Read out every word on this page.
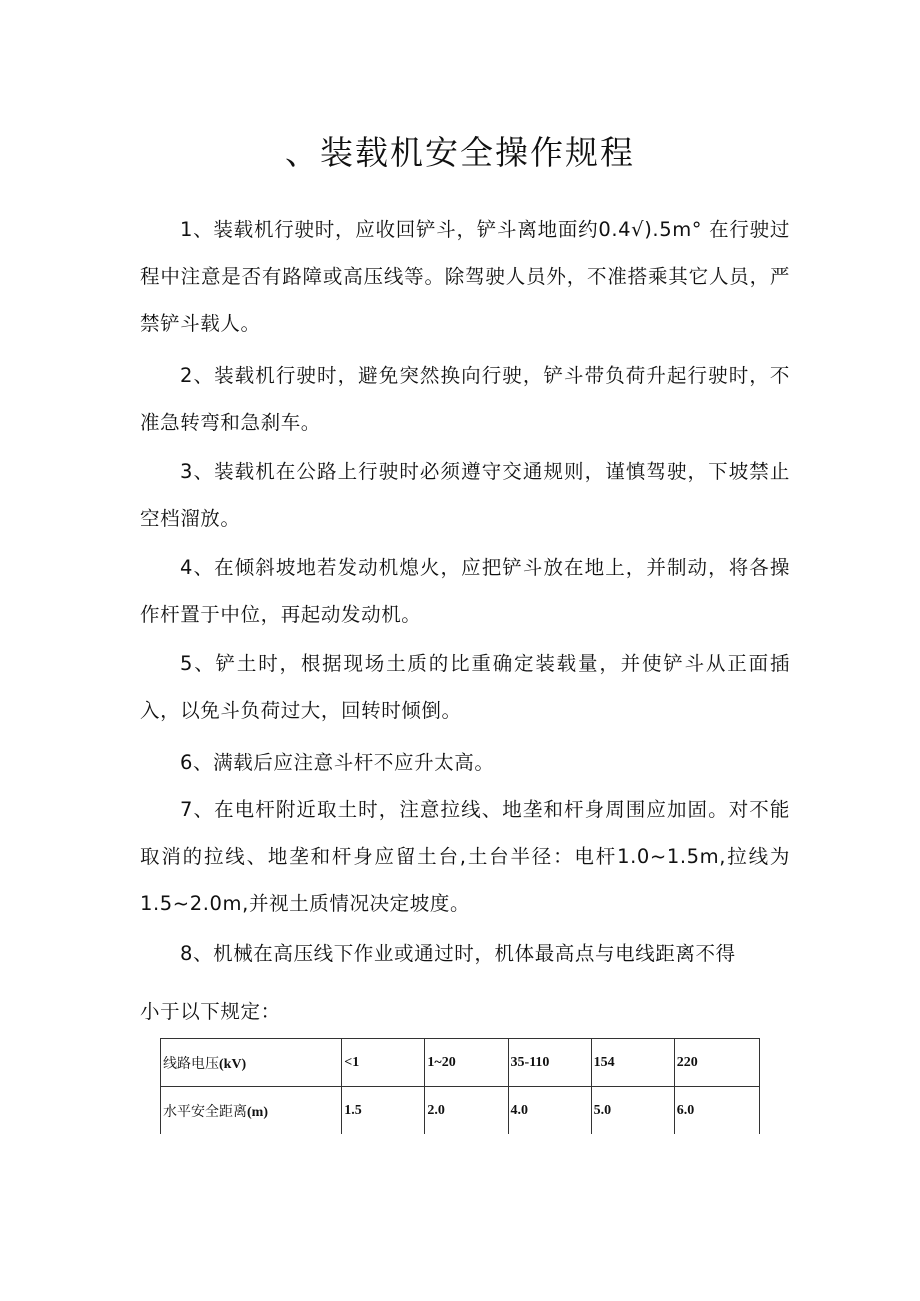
、装载机安全操作规程

1、装载机行驶时，应收回铲斗，铲斗离地面约0.4√).5m° 在行驶过程中注意是否有路障或高压线等。除驾驶人员外，不准搭乘其它人员，严禁铲斗载人。

2、装载机行驶时，避免突然换向行驶，铲斗带负荷升起行驶时，不准急转弯和急刹车。

3、装载机在公路上行驶时必须遵守交通规则，谨慎驾驶，下坡禁止空档溜放。

4、在倾斜坡地若发动机熄火，应把铲斗放在地上，并制动，将各操作杆置于中位，再起动发动机。

5、铲土时，根据现场土质的比重确定装载量，并使铲斗从正面插入，以免斗负荷过大，回转时倾倒。

6、满载后应注意斗杆不应升太高。

7、在电杆附近取土时，注意拉线、地垄和杆身周围应加固。对不能取消的拉线、地垄和杆身应留土台,土台半径：电杆1.0~1.5m,拉线为1.5~2.0m,并视土质情况决定坡度。

8、机械在高压线下作业或通过时，机体最高点与电线距离不得

小于以下规定：

线路电压(kV)	<1	1~20	35-110	154	220
水平安全距离(m)	1.5	2.0	4.0	5.0	6.0
